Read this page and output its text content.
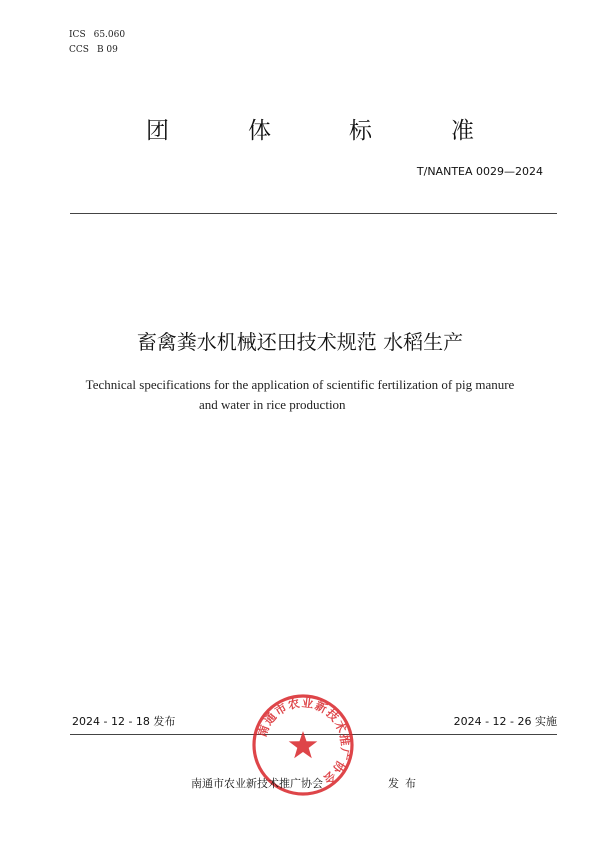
ICS 65.060
CCS B 09
团	体	标	准
T/NANTEA 0029—2024
畜禽粪水机械还田技术规范 水稻生产
Technical specifications for the application of scientific fertilization of pig manure
and water in rice production
2024 - 12 - 18 发布	2024 - 12 - 26 实施
南通市农业新技术推广协会
南通市农业新技术推广协会	发布
